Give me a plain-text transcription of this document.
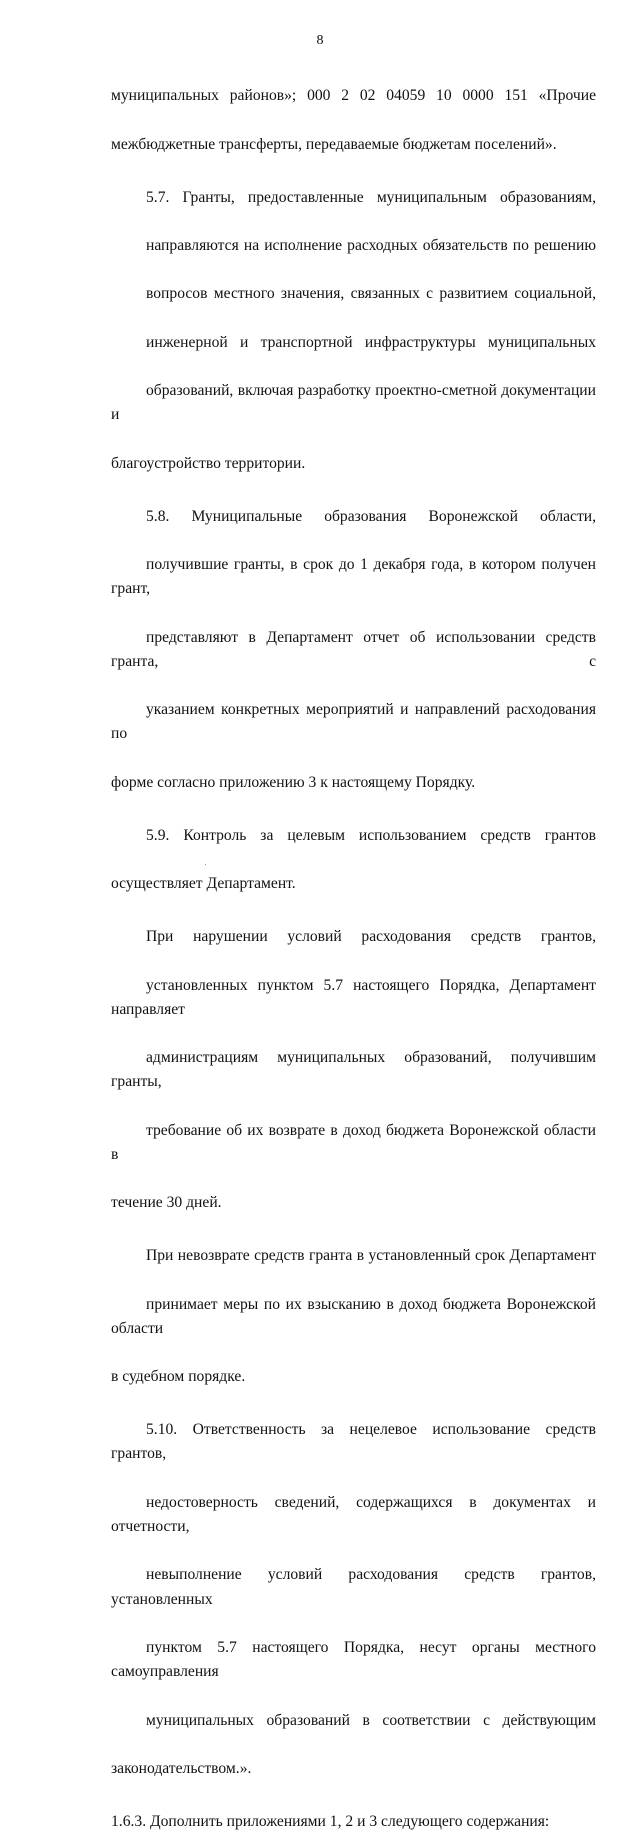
8

муниципальных районов»; 000 2 02 04059 10 0000 151 «Прочие

межбюджетные трансферты, передаваемые бюджетам поселений».

5.7. Гранты, предоставленные муниципальным образованиям,

направляются на исполнение расходных обязательств по решению

вопросов местного значения, связанных с развитием социальной,

инженерной и транспортной инфраструктуры муниципальных

образований, включая разработку проектно-сметной документации и

благоустройство территории.

5.8. Муниципальные образования Воронежской области,

получившие гранты, в срок до 1 декабря года, в котором получен грант,

представляют в Департамент отчет об использовании средств гранта, с

указанием конкретных мероприятий и направлений расходования по

форме согласно приложению 3 к настоящему Порядку.

5.9. Контроль за целевым использованием средств грантов

осуществляет Департамент.

При нарушении условий расходования средств грантов,

установленных пунктом 5.7 настоящего Порядка, Департамент направляет

администрациям муниципальных образований, получившим гранты,

требование об их возврате в доход бюджета Воронежской области в

течение 30 дней.

При невозврате средств гранта в установленный срок Департамент

принимает меры по их взысканию в доход бюджета Воронежской области

в судебном порядке.

5.10. Ответственность за нецелевое использование средств грантов,

недостоверность сведений, содержащихся в документах и отчетности,

невыполнение условий расходования средств грантов, установленных

пунктом 5.7 настоящего Порядка, несут органы местного самоуправления

муниципальных образований в соответствии с действующим

законодательством.».

1.6.3. Дополнить приложениями 1, 2 и 3 следующего содержания:
